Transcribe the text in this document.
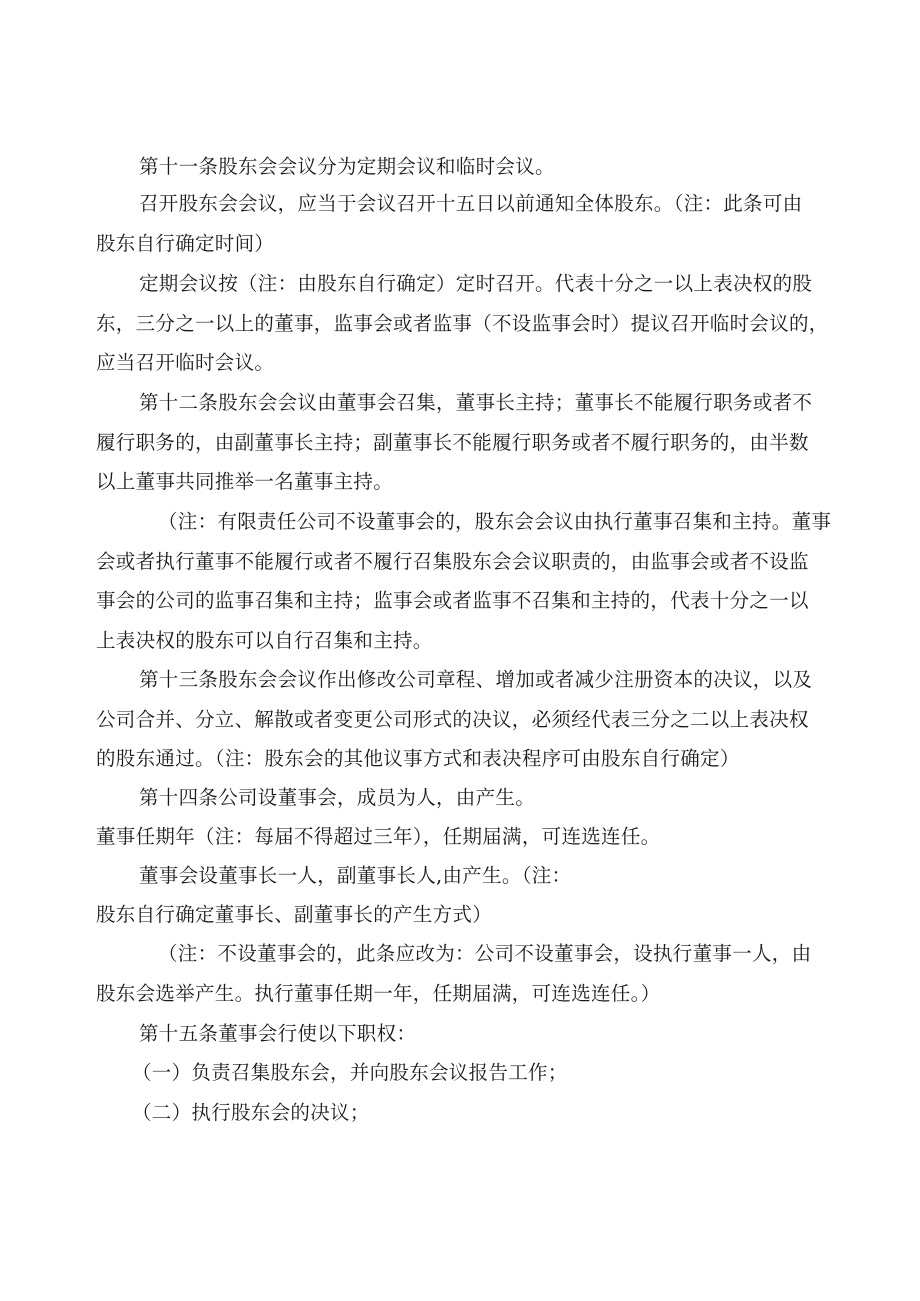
第十一条股东会会议分为定期会议和临时会议。
召开股东会会议，应当于会议召开十五日以前通知全体股东。（注：此条可由
股东自行确定时间）
定期会议按（注：由股东自行确定）定时召开。代表十分之一以上表决权的股
东，三分之一以上的董事，监事会或者监事（不设监事会时）提议召开临时会议的，
应当召开临时会议。
第十二条股东会会议由董事会召集，董事长主持；董事长不能履行职务或者不
履行职务的，由副董事长主持；副董事长不能履行职务或者不履行职务的，由半数
以上董事共同推举一名董事主持。
（注：有限责任公司不设董事会的，股东会会议由执行董事召集和主持。董事
会或者执行董事不能履行或者不履行召集股东会会议职责的，由监事会或者不设监
事会的公司的监事召集和主持；监事会或者监事不召集和主持的，代表十分之一以
上表决权的股东可以自行召集和主持。
第十三条股东会会议作出修改公司章程、增加或者减少注册资本的决议，以及
公司合并、分立、解散或者变更公司形式的决议，必须经代表三分之二以上表决权
的股东通过。（注：股东会的其他议事方式和表决程序可由股东自行确定）
第十四条公司设董事会，成员为人，由产生。
董事任期年（注：每届不得超过三年），任期届满，可连选连任。
董事会设董事长一人，副董事长人,由产生。（注：
股东自行确定董事长、副董事长的产生方式）
（注：不设董事会的，此条应改为：公司不设董事会，设执行董事一人，由
股东会选举产生。执行董事任期一年，任期届满，可连选连任。）
第十五条董事会行使以下职权：
（一）负责召集股东会，并向股东会议报告工作；
（二）执行股东会的决议；
